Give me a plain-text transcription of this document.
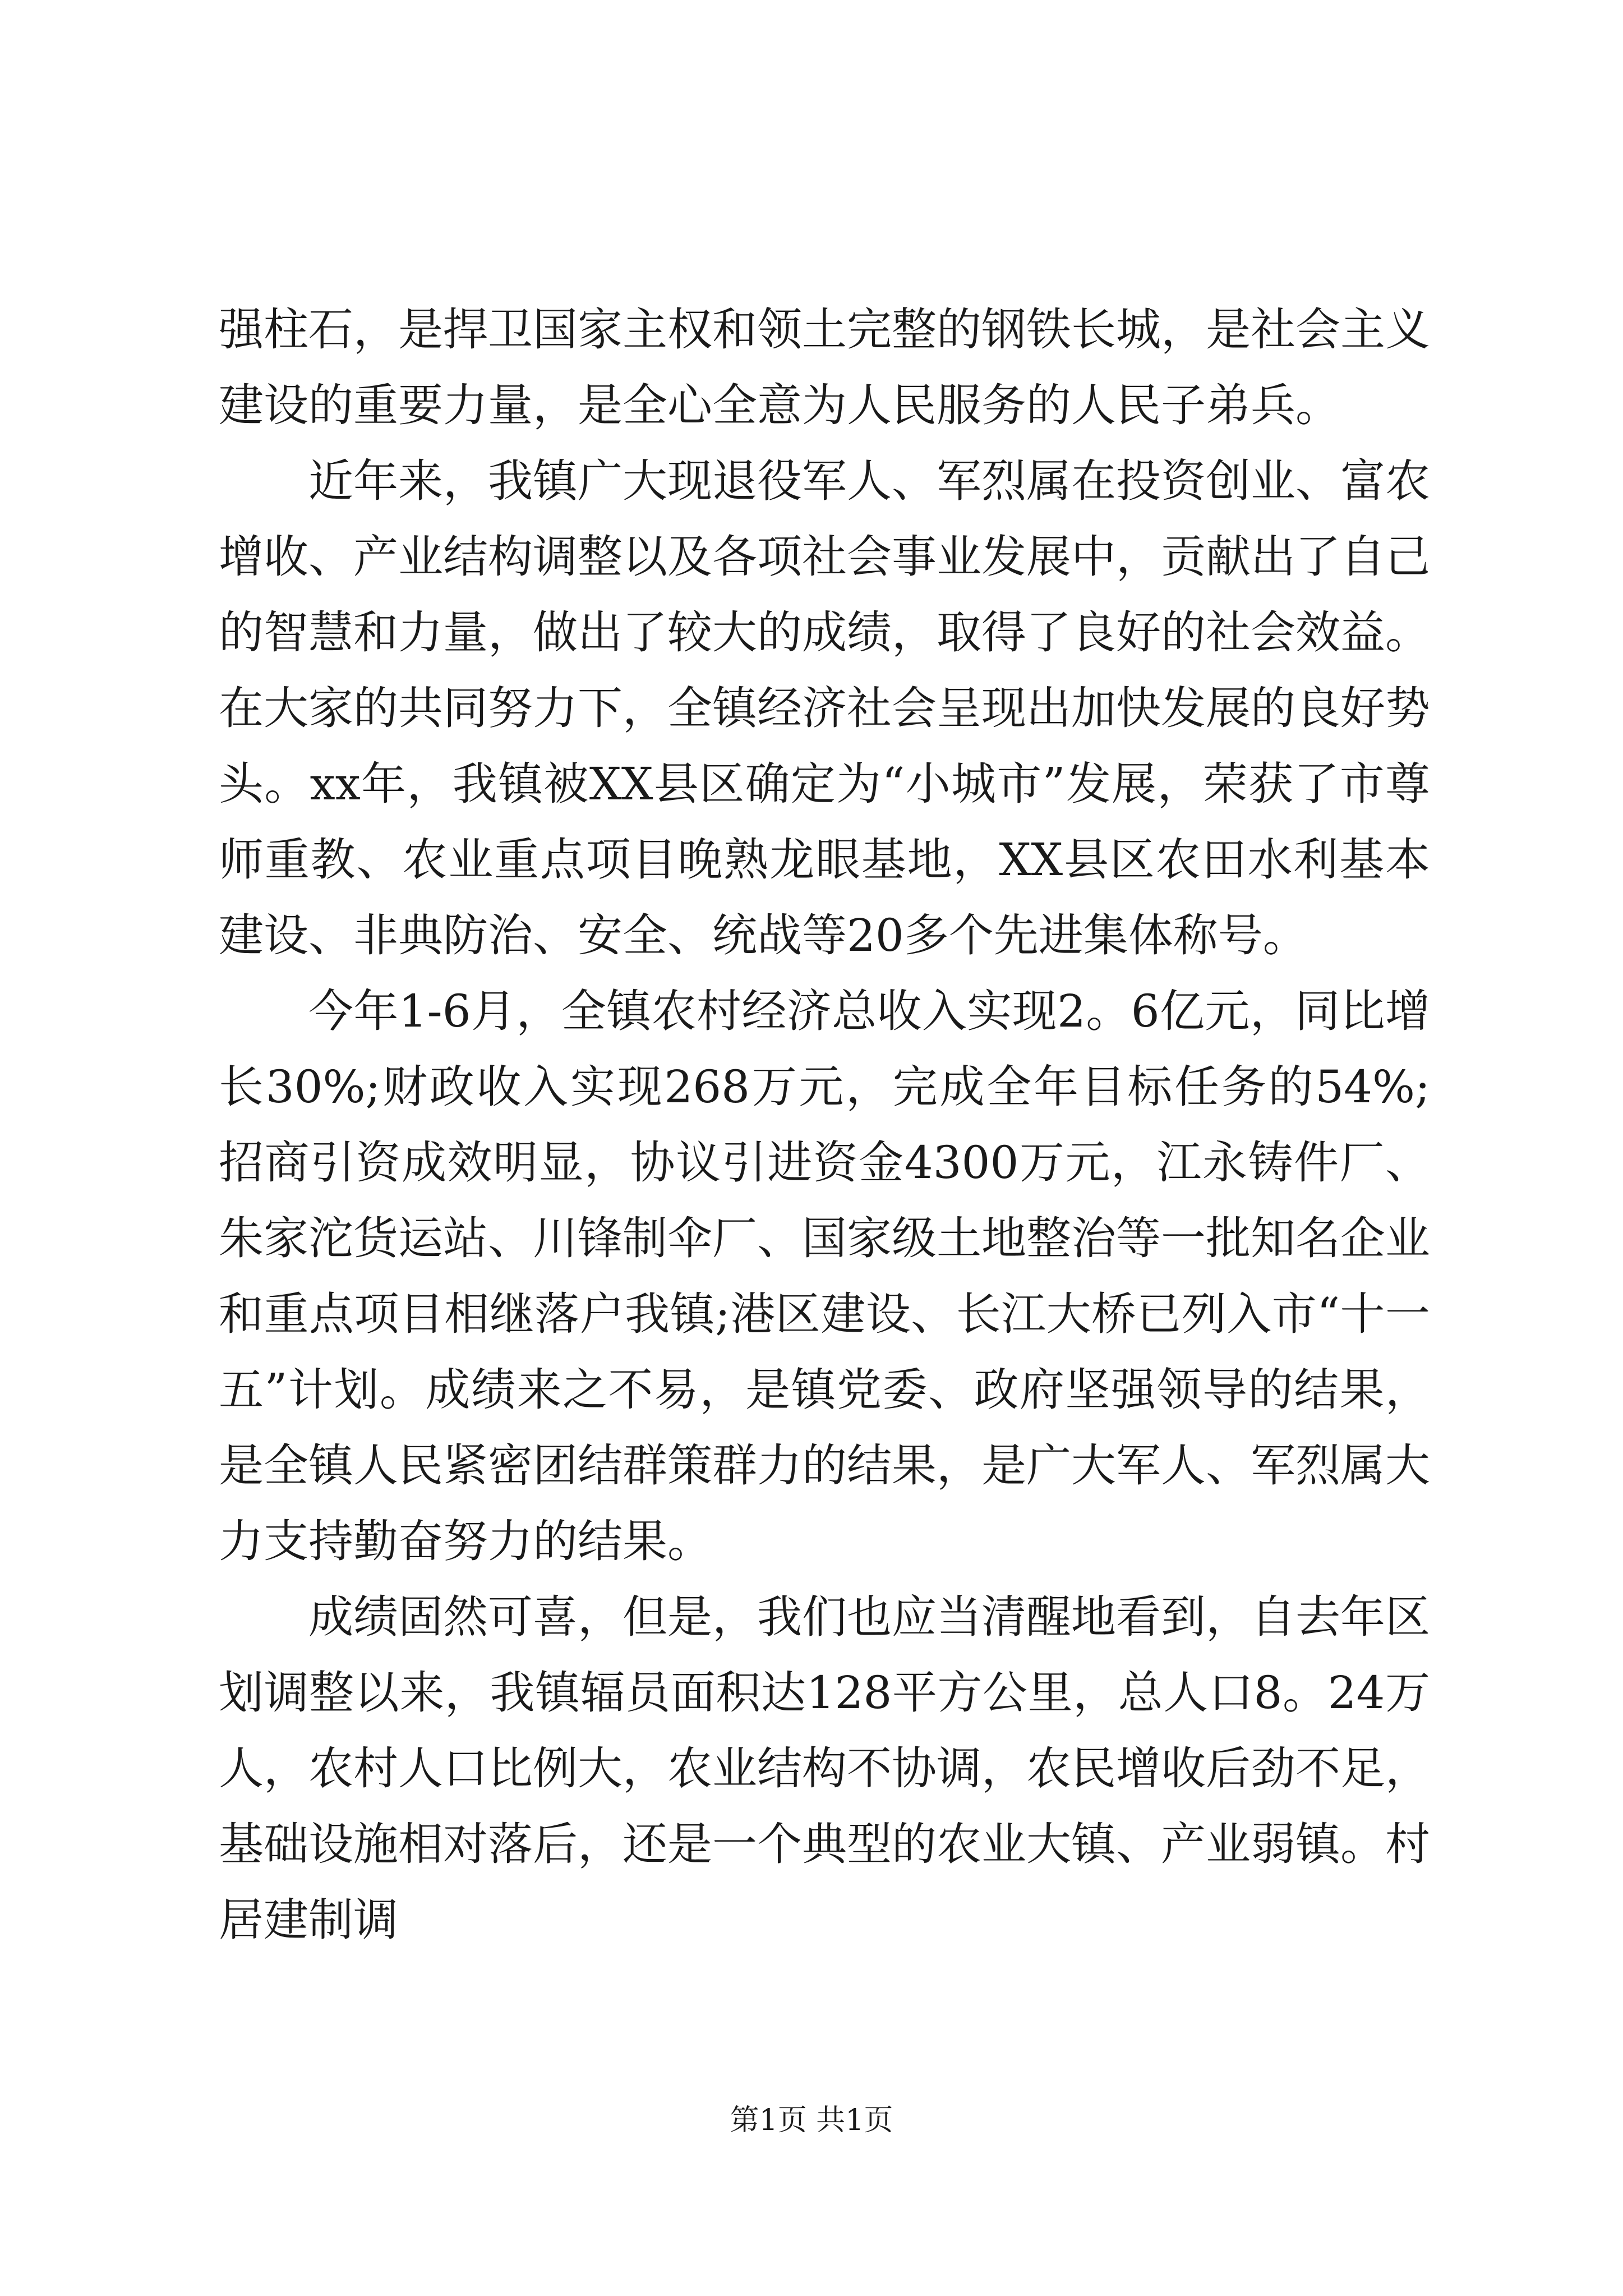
强柱石，是捍卫国家主权和领土完整的钢铁长城，是社会主义建设的重要力量，是全心全意为人民服务的人民子弟兵。

近年来，我镇广大现退役军人、军烈属在投资创业、富农增收、产业结构调整以及各项社会事业发展中，贡献出了自己的智慧和力量，做出了较大的成绩，取得了良好的社会效益。在大家的共同努力下，全镇经济社会呈现出加快发展的良好势头。xx年，我镇被XX县区确定为“小城市”发展，荣获了市尊师重教、农业重点项目晚熟龙眼基地，XX县区农田水利基本建设、非典防治、安全、统战等20多个先进集体称号。

今年1-6月，全镇农村经济总收入实现2。6亿元，同比增长30%;财政收入实现268万元，完成全年目标任务的54%;招商引资成效明显，协议引进资金4300万元，江永铸件厂、朱家沱货运站、川锋制伞厂、国家级土地整治等一批知名企业和重点项目相继落户我镇;港区建设、长江大桥已列入市“十一五”计划。成绩来之不易，是镇党委、政府坚强领导的结果，是全镇人民紧密团结群策群力的结果，是广大军人、军烈属大力支持勤奋努力的结果。

成绩固然可喜，但是，我们也应当清醒地看到，自去年区划调整以来，我镇辐员面积达128平方公里，总人口8。24万人，农村人口比例大，农业结构不协调，农民增收后劲不足，基础设施相对落后，还是一个典型的农业大镇、产业弱镇。村居建制调

第1页 共1页
